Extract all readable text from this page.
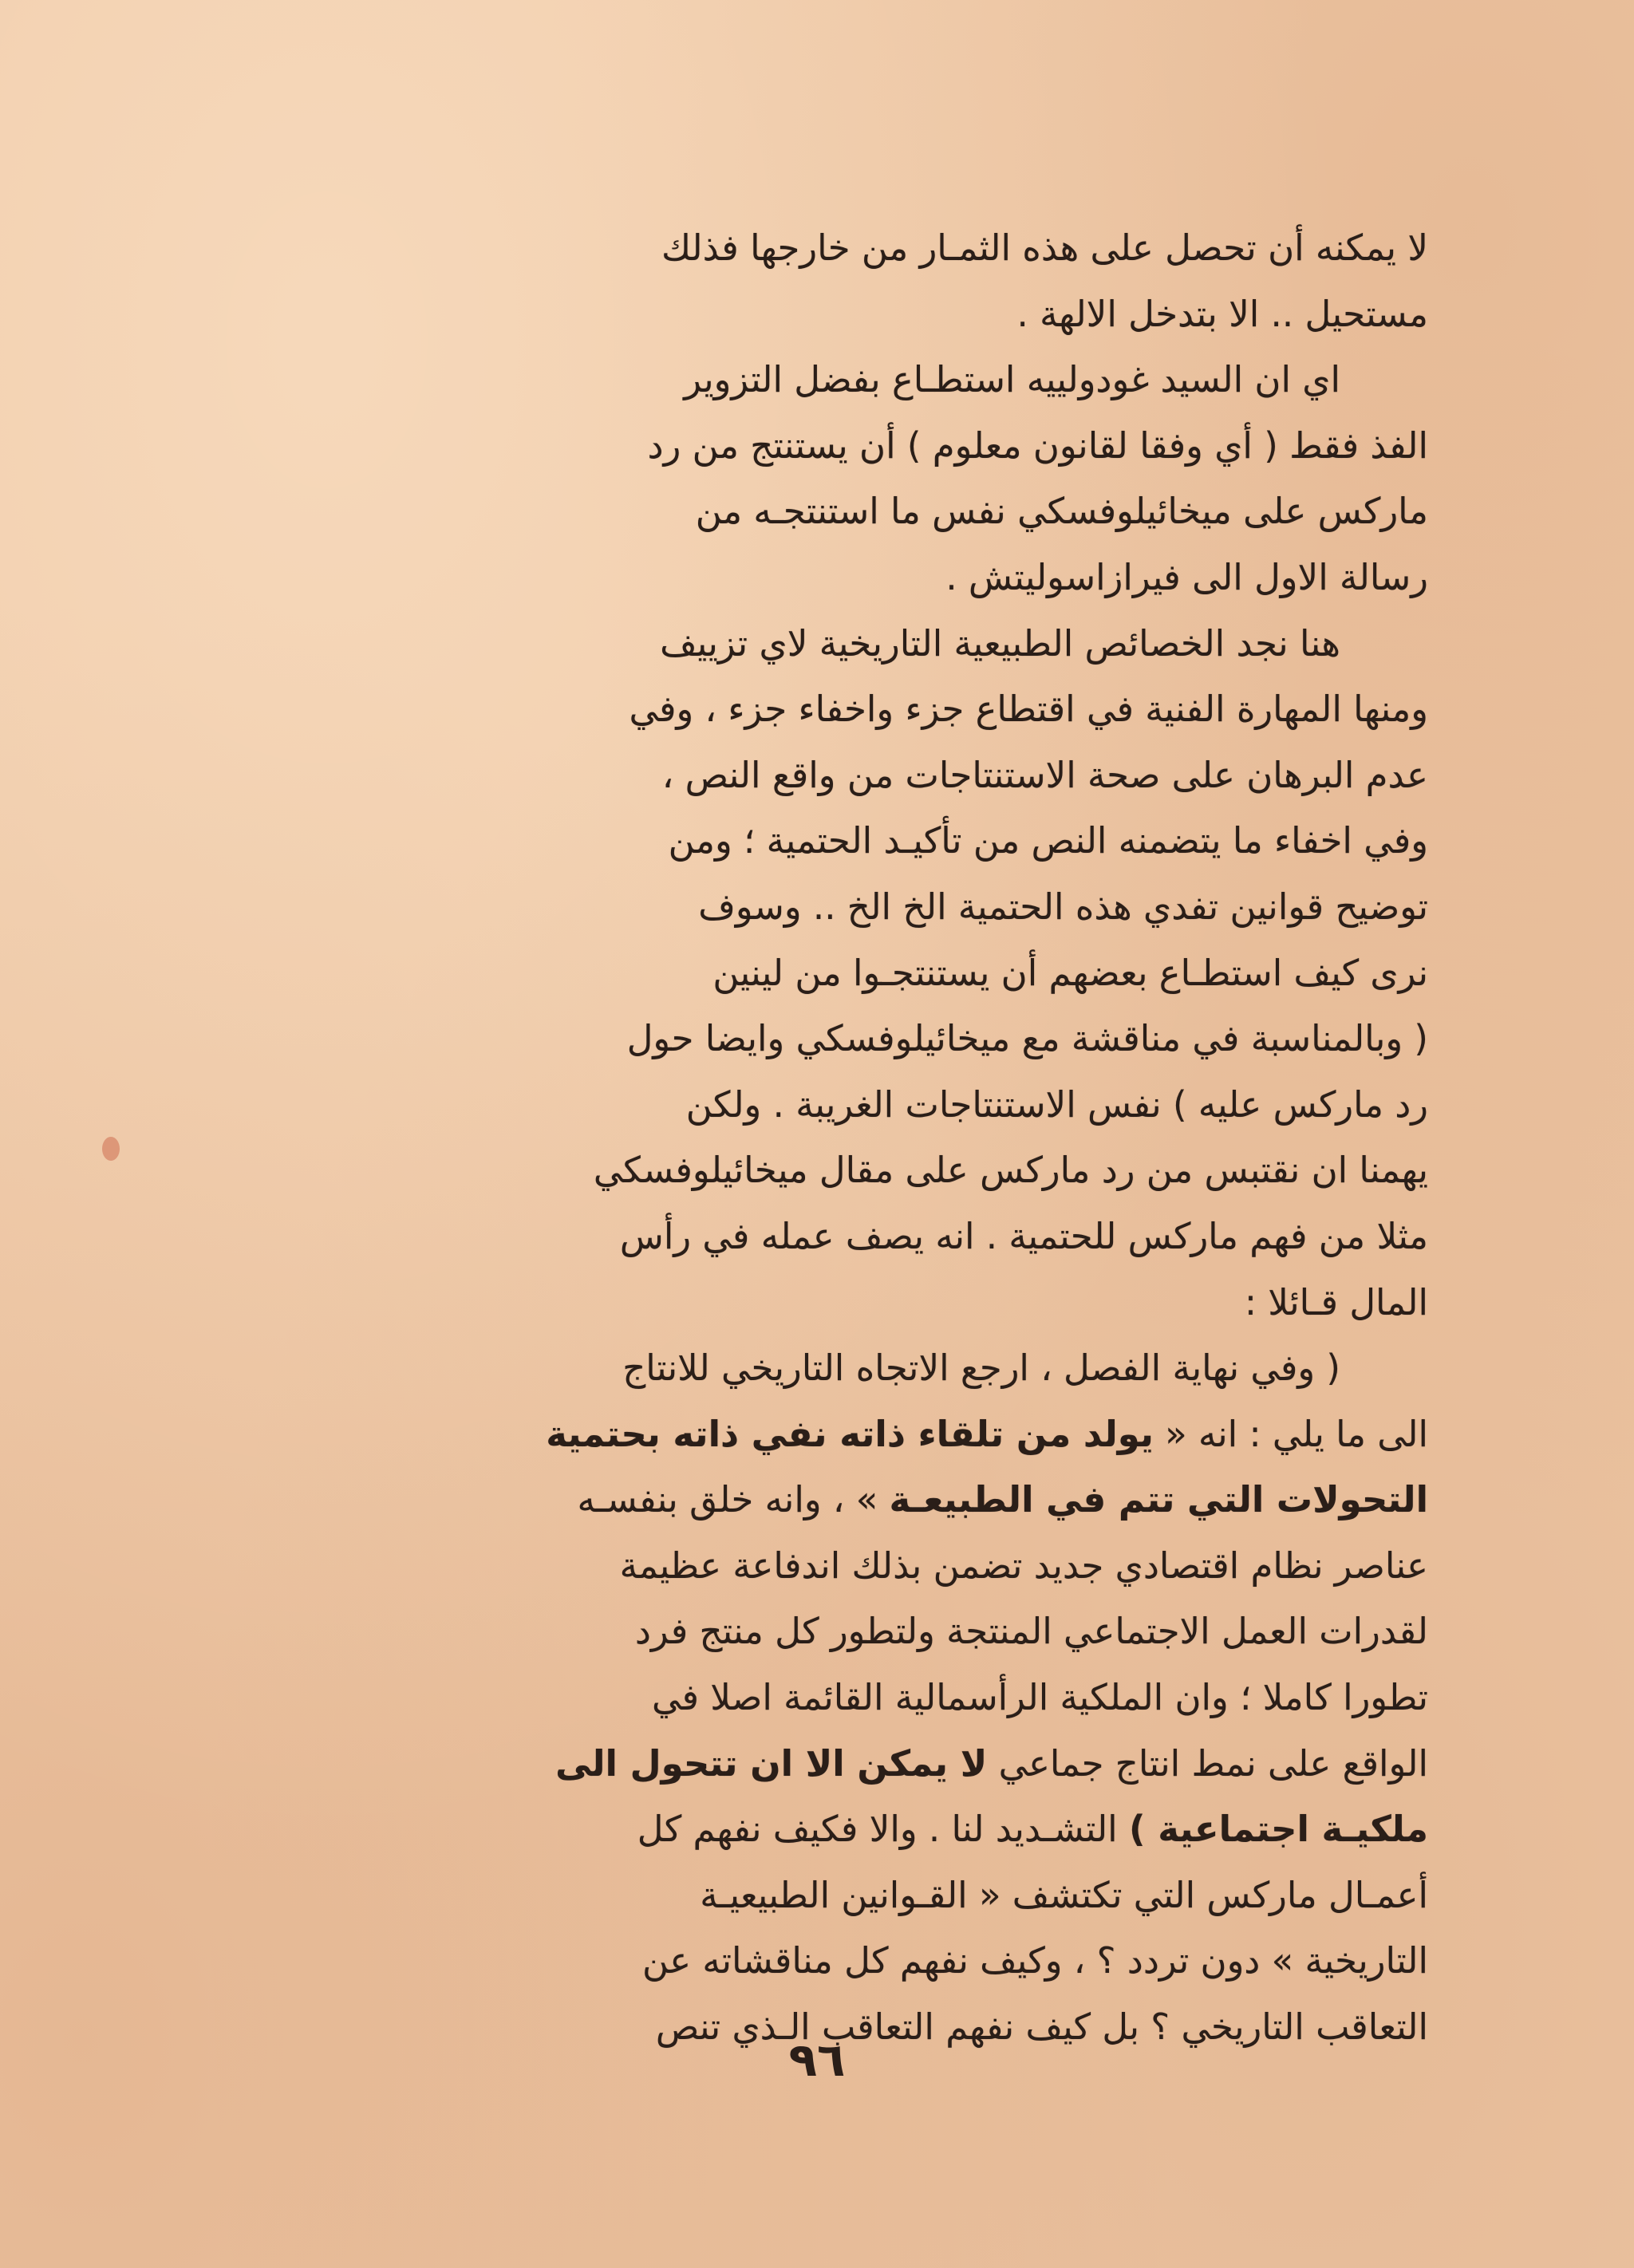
لا يمكنه أن تحصل على هذه الثمـار من خارجها فذلك
مستحيل .. الا بتدخل الالهة .
اي ان السيد غودولييه استطـاع بفضل التزوير
الفذ فقط ( أي وفقا لقانون معلوم ) أن يستنتج من رد
ماركس على ميخائيلوفسكي نفس ما استنتجـه من
رسالة الاول الى فيرازاسوليتش .
هنا نجد الخصائص الطبيعية التاريخية لاي تزييف
ومنها المهارة الفنية في اقتطاع جزء واخفاء جزء ، وفي
عدم البرهان على صحة الاستنتاجات من واقع النص ،
وفي اخفاء ما يتضمنه النص من تأكيـد الحتمية ؛ ومن
توضيح قوانين تفدي هذه الحتمية الخ الخ .. وسوف
نرى كيف استطـاع بعضهم أن يستنتجـوا من لينين
( وبالمناسبة في مناقشة مع ميخائيلوفسكي وايضا حول
رد ماركس عليه ) نفس الاستنتاجات الغريبة . ولكن
يهمنا ان نقتبس من رد ماركس على مقال ميخائيلوفسكي
مثلا من فهم ماركس للحتمية . انه يصف عمله في رأس
المال قـائلا :
( وفي نهاية الفصل ، ارجع الاتجاه التاريخي للانتاج
الى ما يلي : انه « يولد من تلقاء ذاته نفي ذاته بحتمية
التحولات التي تتم في الطبيعـة » ، وانه خلق بنفسـه
عناصر نظام اقتصادي جديد تضمن بذلك اندفاعة عظيمة
لقدرات العمل الاجتماعي المنتجة ولتطور كل منتج فرد
تطورا كاملا ؛ وان الملكية الرأسمالية القائمة اصلا في
الواقع على نمط انتاج جماعي لا يمكن الا ان تتحول الى
ملكيـة اجتماعية ) التشـديد لنا . والا فكيف نفهم كل
أعمـال ماركس التي تكتشف « القـوانين الطبيعيـة
التاريخية » دون تردد ؟ ، وكيف نفهم كل مناقشاته عن
التعاقب التاريخي ؟ بل كيف نفهم التعاقب الـذي تنص
٩٦
